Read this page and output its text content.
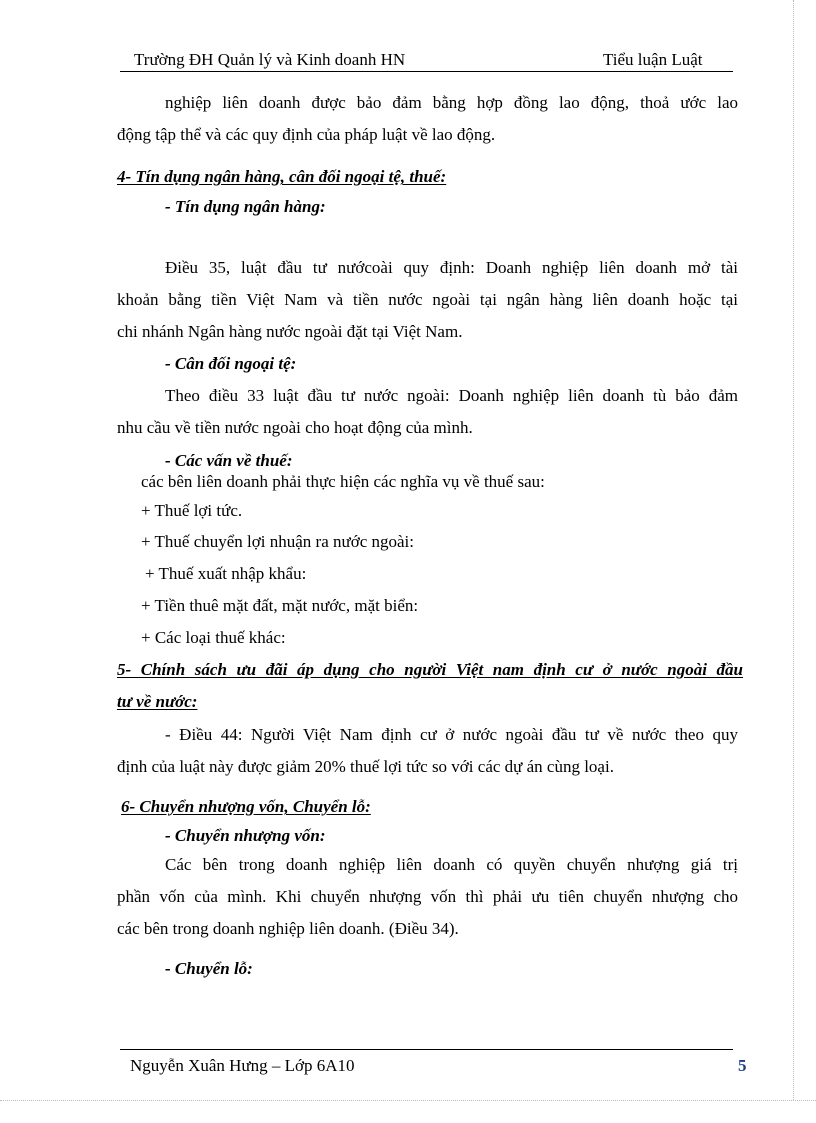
Trường ĐH Quản lý và Kinh doanh HN	Tiểu luận Luật
nghiệp liên doanh được bảo đảm bằng hợp đồng lao động, thoả ước lao
động tập thể và các quy định của pháp luật về lao động.
4- Tín dụng ngân hàng, cân đối ngoại tệ, thuế:
- Tín dụng ngân hàng:
Điều 35, luật đầu tư nướcoài quy định: Doanh nghiệp liên doanh mở tài
khoản bằng tiền Việt Nam và tiền nước ngoài tại ngân hàng liên doanh hoặc tại
chi nhánh Ngân hàng nước ngoài đặt tại Việt Nam.
- Cân đối ngoại tệ:
Theo điều 33 luật đầu tư nước ngoài: Doanh nghiệp liên doanh tù bảo đảm
nhu cầu về tiền nước ngoài cho hoạt động của mình.
- Các vấn về thuế:
các bên liên doanh phải thực hiện các nghĩa vụ về thuế sau:
+ Thuế lợi tức.
+ Thuế chuyển lợi nhuận ra nước ngoài:
+ Thuế xuất nhập khẩu:
+ Tiền thuê mặt đất, mặt nước, mặt biển:
+ Các loại thuế khác:
5- Chính sách ưu đãi áp dụng cho người Việt nam định cư ở nước ngoài đầu
tư về nước:
- Điều 44: Người Việt Nam định cư ở nước ngoài đầu tư về nước theo quy
định của luật này được giảm 20% thuế lợi tức so với các dự án cùng loại.
6- Chuyển nhượng vốn, Chuyển lỗ:
- Chuyển nhượng vốn:
Các bên trong doanh nghiệp liên doanh có quyền chuyển nhượng giá trị
phần vốn của mình. Khi chuyển nhượng vốn thì phải ưu tiên chuyển nhượng cho
các bên trong doanh nghiệp liên doanh. (Điều 34).
- Chuyển lỗ:
Nguyễn Xuân Hưng – Lớp 6A10	5
